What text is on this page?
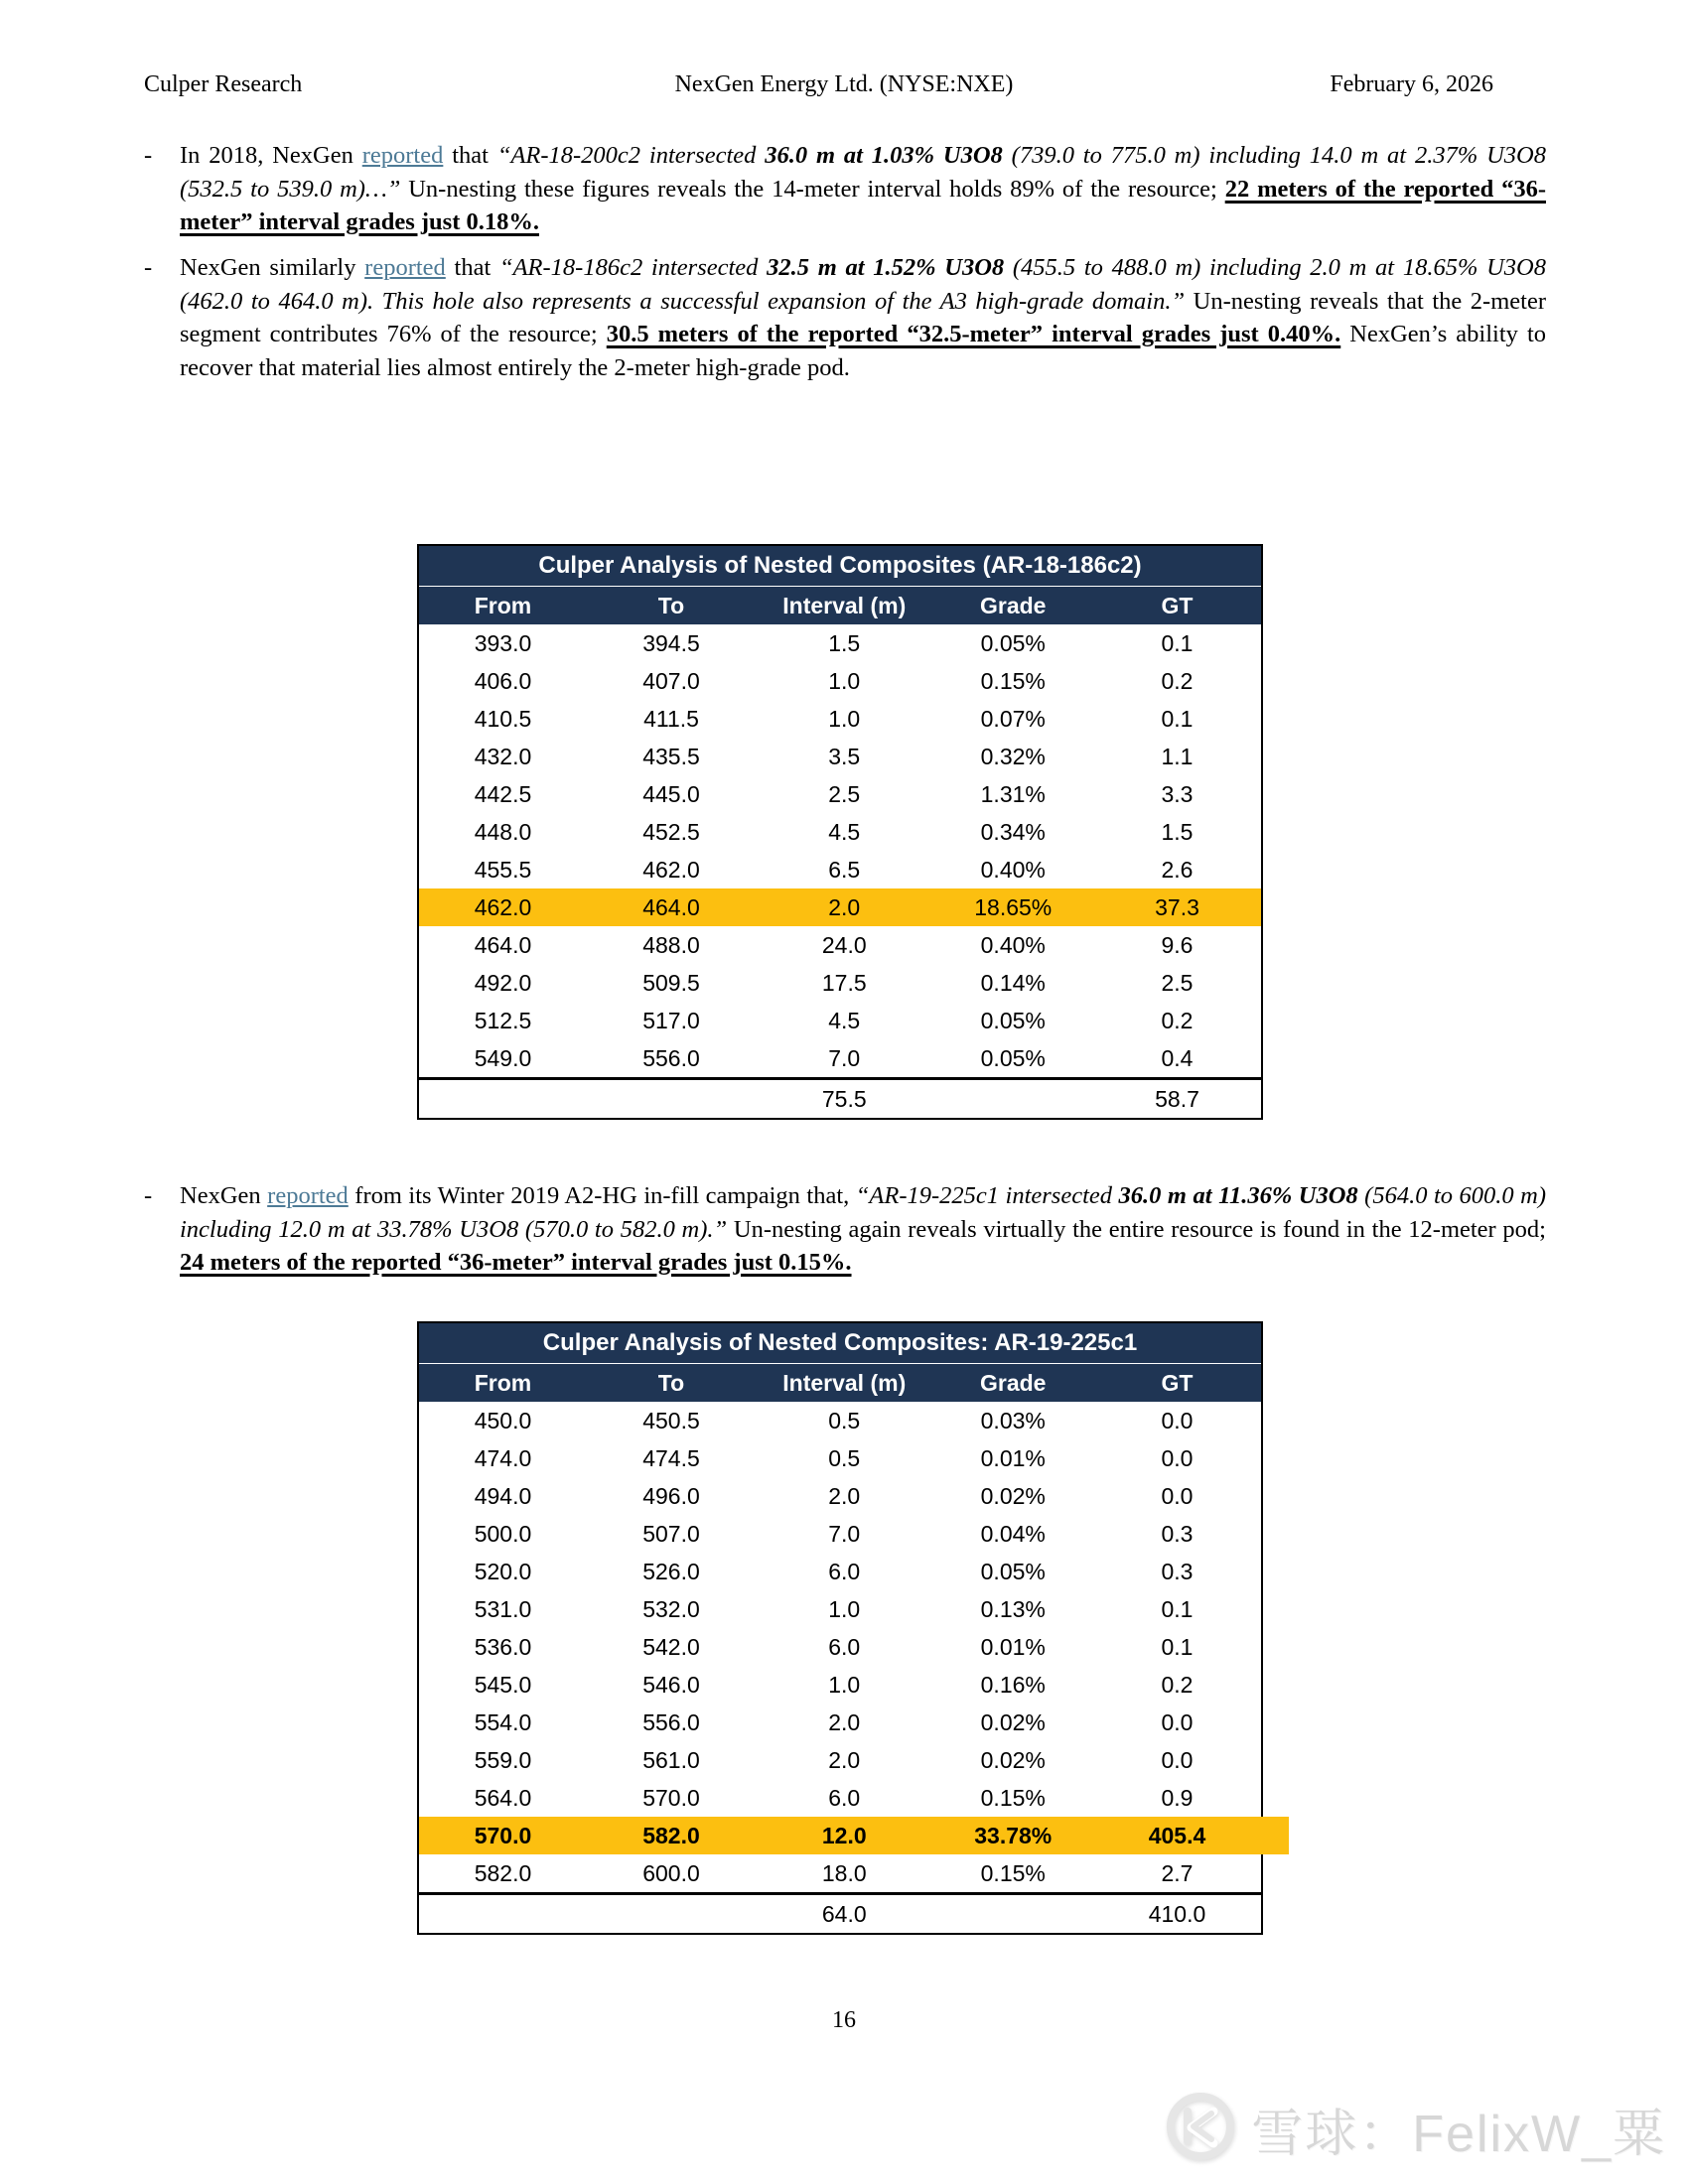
Culper Research	NexGen Energy Ltd. (NYSE:NXE)	February 6, 2026
-	In 2018, NexGen reported that “AR-18-200c2 intersected 36.0 m at 1.03% U3O8 (739.0 to 775.0 m) including 14.0 m at 2.37% U3O8 (532.5 to 539.0 m)…” Un-nesting these figures reveals the 14-meter interval holds 89% of the resource; 22 meters of the reported “36-meter” interval grades just 0.18%.
-	NexGen similarly reported that “AR-18-186c2 intersected 32.5 m at 1.52% U3O8 (455.5 to 488.0 m) including 2.0 m at 18.65% U3O8 (462.0 to 464.0 m). This hole also represents a successful expansion of the A3 high-grade domain.” Un-nesting reveals that the 2-meter segment contributes 76% of the resource; 30.5 meters of the reported “32.5-meter” interval grades just 0.40%. NexGen’s ability to recover that material lies almost entirely the 2-meter high-grade pod.
Culper Analysis of Nested Composites (AR-18-186c2)				
From	To	Interval (m)	Grade	GT
393.0	394.5	1.5	0.05%	0.1
406.0	407.0	1.0	0.15%	0.2
410.5	411.5	1.0	0.07%	0.1
432.0	435.5	3.5	0.32%	1.1
442.5	445.0	2.5	1.31%	3.3
448.0	452.5	4.5	0.34%	1.5
455.5	462.0	6.5	0.40%	2.6
462.0	464.0	2.0	18.65%	37.3
464.0	488.0	24.0	0.40%	9.6
492.0	509.5	17.5	0.14%	2.5
512.5	517.0	4.5	0.05%	0.2
549.0	556.0	7.0	0.05%	0.4
		75.5		58.7
-	NexGen reported from its Winter 2019 A2-HG in-fill campaign that, “AR-19-225c1 intersected 36.0 m at 11.36% U3O8 (564.0 to 600.0 m) including 12.0 m at 33.78% U3O8 (570.0 to 582.0 m).” Un-nesting again reveals virtually the entire resource is found in the 12-meter pod; 24 meters of the reported “36-meter” interval grades just 0.15%.
Culper Analysis of Nested Composites: AR-19-225c1				
From	To	Interval (m)	Grade	GT
450.0	450.5	0.5	0.03%	0.0
474.0	474.5	0.5	0.01%	0.0
494.0	496.0	2.0	0.02%	0.0
500.0	507.0	7.0	0.04%	0.3
520.0	526.0	6.0	0.05%	0.3
531.0	532.0	1.0	0.13%	0.1
536.0	542.0	6.0	0.01%	0.1
545.0	546.0	1.0	0.16%	0.2
554.0	556.0	2.0	0.02%	0.0
559.0	561.0	2.0	0.02%	0.0
564.0	570.0	6.0	0.15%	0.9
570.0	582.0	12.0	33.78%	405.4
582.0	600.0	18.0	0.15%	2.7
		64.0		410.0
16
雪球：FelixW_粟
